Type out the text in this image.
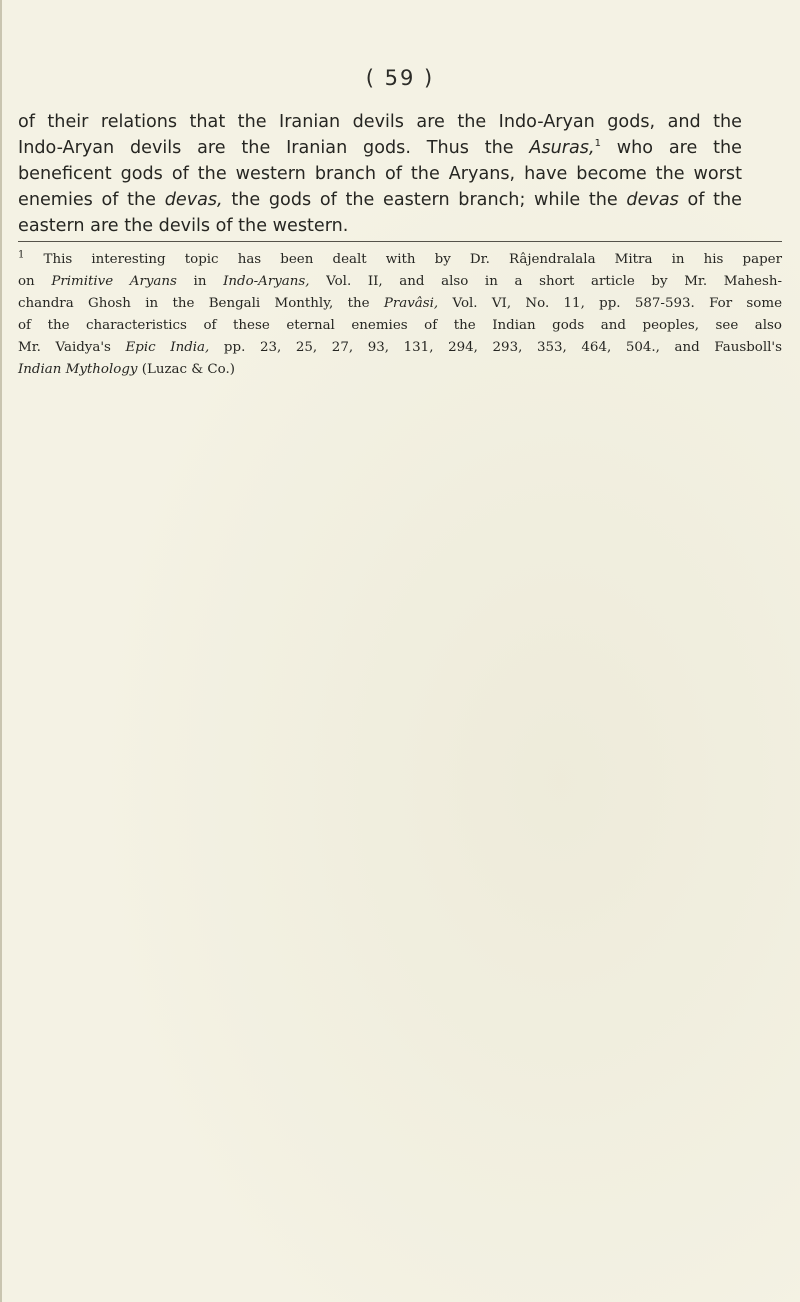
( 59 )

of their relations that the Iranian devils are the Indo-Aryan gods, and the
Indo-Aryan devils are the Iranian gods. Thus the Asuras,$^1$ who are the
beneficent gods of the western branch of the Aryans, have become the worst
enemies of the devas, the gods of the eastern branch; while the devas of the
eastern are the devils of the western.

$^1$ This interesting topic has been dealt with by Dr. Râjendralala Mitra in his paper
on Primitive Aryans in Indo-Aryans, Vol. II, and also in a short article by Mr. Mahesh-
chandra Ghosh in the Bengali Monthly, the Pravâsi, Vol. VI, No. 11, pp. 587-593. For some
of the characteristics of these eternal enemies of the Indian gods and peoples, see also
Mr. Vaidya's Epic India, pp. 23, 25, 27, 93, 131, 294, 293, 353, 464, 504., and Fausboll's
Indian Mythology (Luzac & Co.)
